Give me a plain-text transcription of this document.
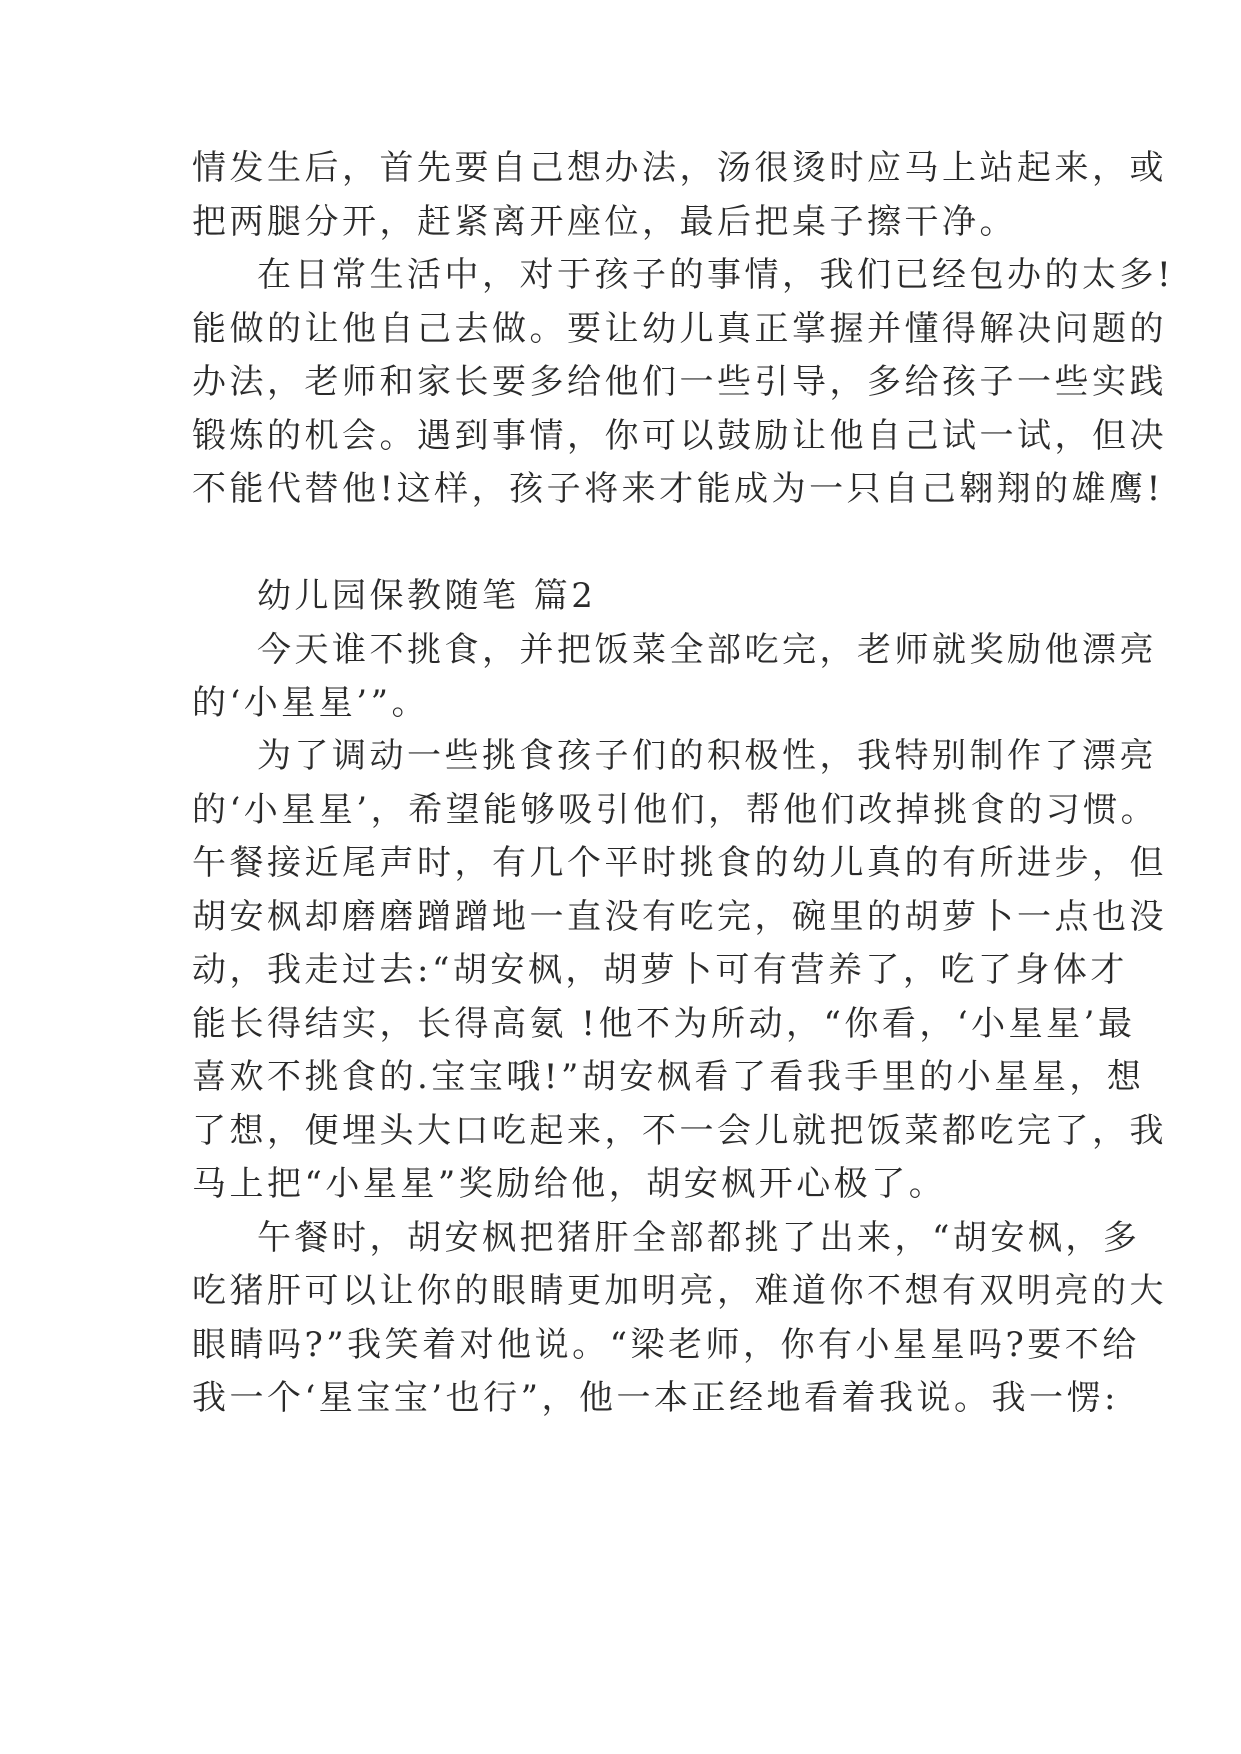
情发生后，首先要自己想办法，汤很烫时应马上站起来，或
把两腿分开，赶紧离开座位，最后把桌子擦干净。
在日常生活中，对于孩子的事情，我们已经包办的太多!
能做的让他自己去做。要让幼儿真正掌握并懂得解决问题的
办法，老师和家长要多给他们一些引导，多给孩子一些实践
锻炼的机会。遇到事情，你可以鼓励让他自己试一试，但决
不能代替他!这样，孩子将来才能成为一只自己翱翔的雄鹰!
幼儿园保教随笔 篇2
今天谁不挑食，并把饭菜全部吃完，老师就奖励他漂亮
的‘小星星’”。
为了调动一些挑食孩子们的积极性，我特别制作了漂亮
的‘小星星’，希望能够吸引他们，帮他们改掉挑食的习惯。
午餐接近尾声时，有几个平时挑食的幼儿真的有所进步，但
胡安枫却磨磨蹭蹭地一直没有吃完，碗里的胡萝卜一点也没
动，我走过去:“胡安枫，胡萝卜可有营养了，吃了身体才
能长得结实，长得高氨 !他不为所动，“你看，‘小星星’最
喜欢不挑食的.宝宝哦!”胡安枫看了看我手里的小星星，想
了想，便埋头大口吃起来，不一会儿就把饭菜都吃完了，我
马上把“小星星”奖励给他，胡安枫开心极了。
午餐时，胡安枫把猪肝全部都挑了出来，“胡安枫，多
吃猪肝可以让你的眼睛更加明亮，难道你不想有双明亮的大
眼睛吗?”我笑着对他说。“梁老师，你有小星星吗?要不给
我一个‘星宝宝’也行”，他一本正经地看着我说。我一愣:
